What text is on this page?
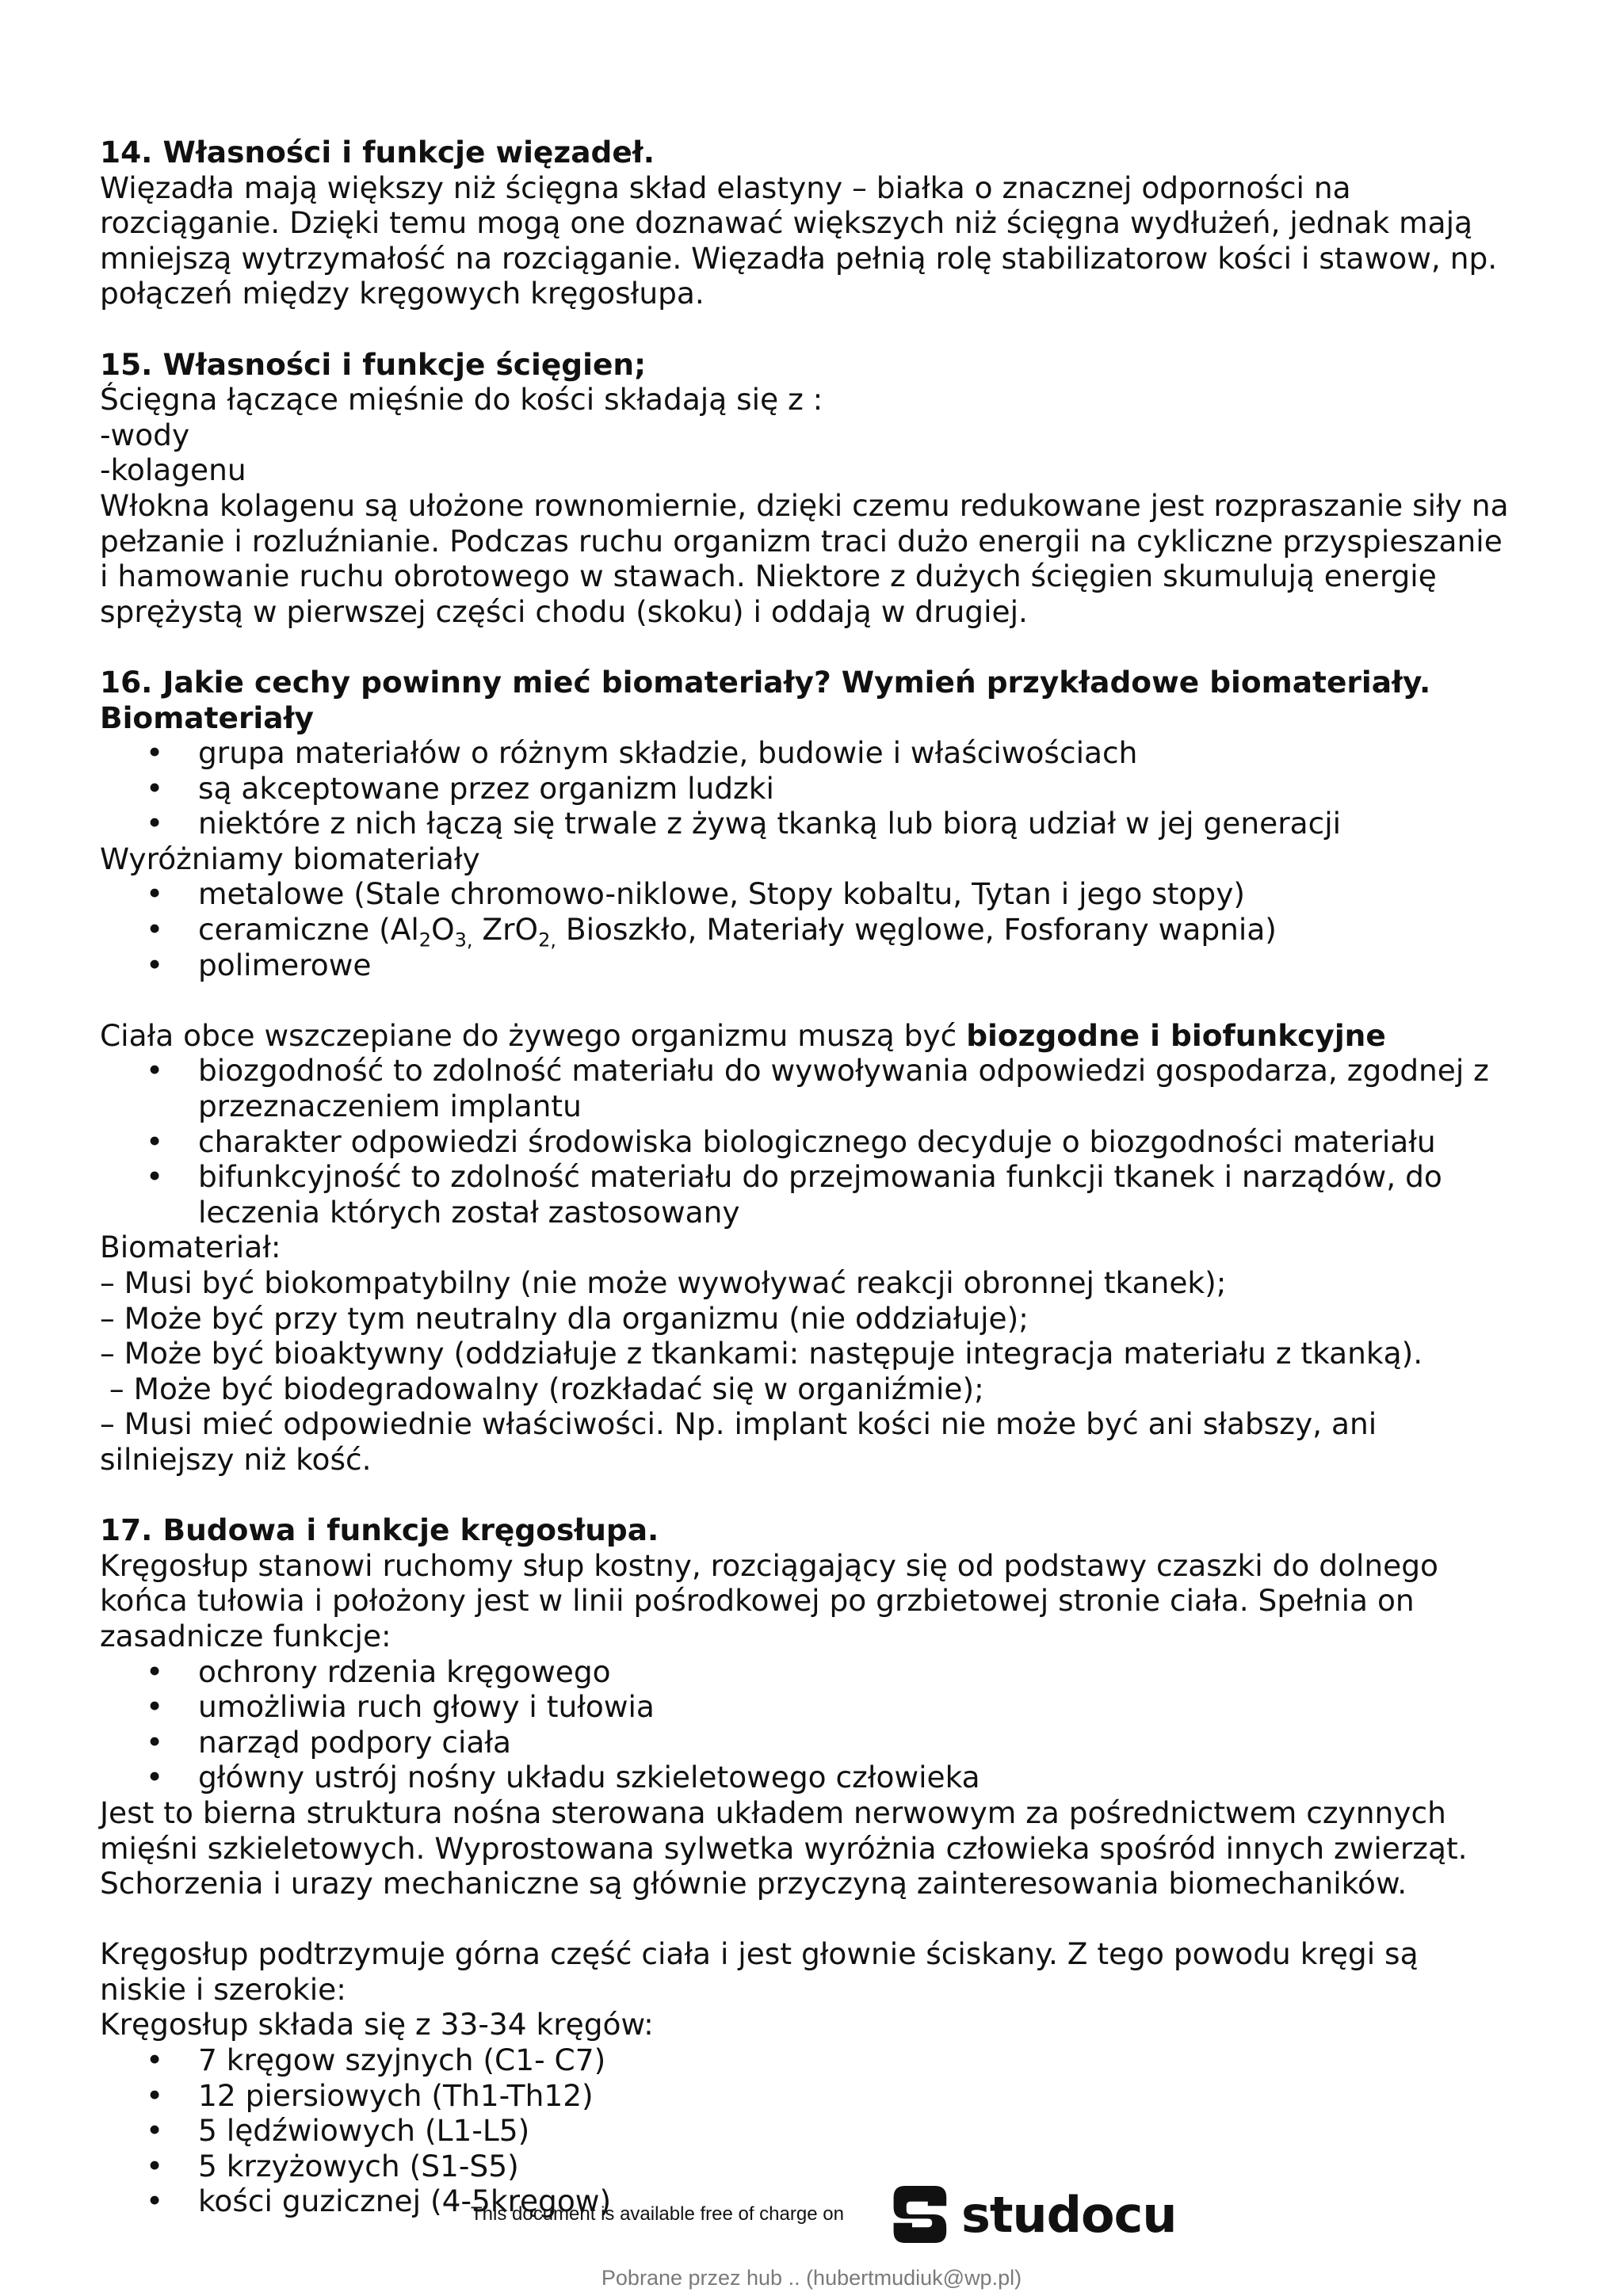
14. Własności i funkcje więzadeł.
Więzadła mają większy niż ścięgna skład elastyny – białka o znacznej odporności na
rozciąganie. Dzięki temu mogą one doznawać większych niż ścięgna wydłużeń, jednak mają
mniejszą wytrzymałość na rozciąganie. Więzadła pełnią rolę stabilizatorow kości i stawow, np.
połączeń między kręgowych kręgosłupa.
15. Własności i funkcje ścięgien;
Ścięgna łączące mięśnie do kości składają się z :
-wody
-kolagenu
Włokna kolagenu są ułożone rownomiernie, dzięki czemu redukowane jest rozpraszanie siły na
pełzanie i rozluźnianie. Podczas ruchu organizm traci dużo energii na cykliczne przyspieszanie
i hamowanie ruchu obrotowego w stawach. Niektore z dużych ścięgien skumulują energię
sprężystą w pierwszej części chodu (skoku) i oddają w drugiej.
16. Jakie cechy powinny mieć biomateriały? Wymień przykładowe biomateriały.
Biomateriały
• grupa materiałów o różnym składzie, budowie i właściwościach
• są akceptowane przez organizm ludzki
• niektóre z nich łączą się trwale z żywą tkanką lub biorą udział w jej generacji
Wyróżniamy biomateriały
• metalowe (Stale chromowo-niklowe, Stopy kobaltu, Tytan i jego stopy)
• ceramiczne ($Al_2O_{3,}$ ZrO$_{2,}$ Bioszkło, Materiały węglowe, Fosforany wapnia)
• polimerowe
Ciała obce wszczepiane do żywego organizmu muszą być biozgodne i biofunkcyjne
• biozgodność to zdolność materiału do wywoływania odpowiedzi gospodarza, zgodnej z
przeznaczeniem implantu
• charakter odpowiedzi środowiska biologicznego decyduje o biozgodności materiału
• bifunkcyjność to zdolność materiału do przejmowania funkcji tkanek i narządów, do
leczenia których został zastosowany
Biomateriał:
– Musi być biokompatybilny (nie może wywoływać reakcji obronnej tkanek);
– Może być przy tym neutralny dla organizmu (nie oddziałuje);
– Może być bioaktywny (oddziałuje z tkankami: następuje integracja materiału z tkanką).
– Może być biodegradowalny (rozkładać się w organiźmie);
– Musi mieć odpowiednie właściwości. Np. implant kości nie może być ani słabszy, ani
silniejszy niż kość.
17. Budowa i funkcje kręgosłupa.
Kręgosłup stanowi ruchomy słup kostny, rozciągający się od podstawy czaszki do dolnego
końca tułowia i położony jest w linii pośrodkowej po grzbietowej stronie ciała. Spełnia on
zasadnicze funkcje:
• ochrony rdzenia kręgowego
• umożliwia ruch głowy i tułowia
• narząd podpory ciała
• główny ustrój nośny układu szkieletowego człowieka
Jest to bierna struktura nośna sterowana układem nerwowym za pośrednictwem czynnych
mięśni szkieletowych. Wyprostowana sylwetka wyróżnia człowieka spośród innych zwierząt.
Schorzenia i urazy mechaniczne są głównie przyczyną zainteresowania biomechaników.
Kręgosłup podtrzymuje górna część ciała i jest głownie ściskany. Z tego powodu kręgi są
niskie i szerokie:
Kręgosłup składa się z 33-34 kręgów:
• 7 kręgow szyjnych (C1- C7)
• 12 piersiowych (Th1-Th12)
• 5 lędźwiowych (L1-L5)
• 5 krzyżowych (S1-S5)
• kości guzicznej (4-5kręgow)
This document is available free of charge on studocu
Pobrane przez hub .. (hubertmudiuk@wp.pl)
